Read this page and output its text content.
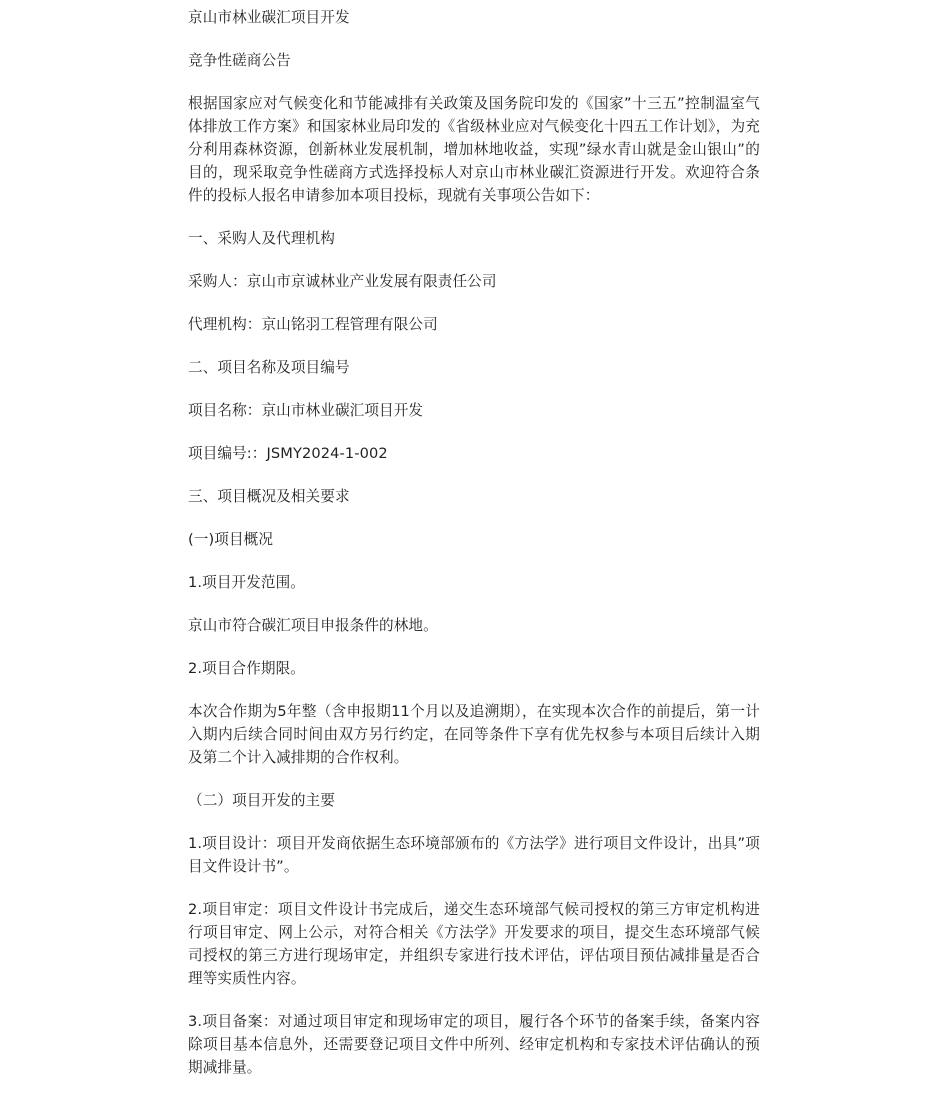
京山市林业碳汇项目开发

竞争性磋商公告

根据国家应对气候变化和节能减排有关政策及国务院印发的《国家”十三五”控制温室气体排放工作方案》和国家林业局印发的《省级林业应对气候变化十四五工作计划》，为充分利用森林资源，创新林业发展机制，增加林地收益，实现”绿水青山就是金山银山”的目的，现采取竞争性磋商方式选择投标人对京山市林业碳汇资源进行开发。欢迎符合条件的投标人报名申请参加本项目投标，现就有关事项公告如下：

一、采购人及代理机构

采购人：京山市京诚林业产业发展有限责任公司

代理机构：京山铭羽工程管理有限公司

二、项目名称及项目编号

项目名称：京山市林业碳汇项目开发

项目编号:：JSMY2024-1-002

三、项目概况及相关要求

(一)项目概况

1.项目开发范围。

京山市符合碳汇项目申报条件的林地。

2.项目合作期限。

本次合作期为5年整（含申报期11个月以及追溯期），在实现本次合作的前提后，第一计入期内后续合同时间由双方另行约定，在同等条件下享有优先权参与本项目后续计入期及第二个计入减排期的合作权利。

（二）项目开发的主要

1.项目设计：项目开发商依据生态环境部颁布的《方法学》进行项目文件设计，出具”项目文件设计书”。

2.项目审定：项目文件设计书完成后，递交生态环境部气候司授权的第三方审定机构进行项目审定、网上公示，对符合相关《方法学》开发要求的项目，提交生态环境部气候司授权的第三方进行现场审定，并组织专家进行技术评估，评估项目预估减排量是否合理等实质性内容。

3.项目备案：对通过项目审定和现场审定的项目，履行各个环节的备案手续，备案内容除项目基本信息外，还需要登记项目文件中所列、经审定机构和专家技术评估确认的预期减排量。
